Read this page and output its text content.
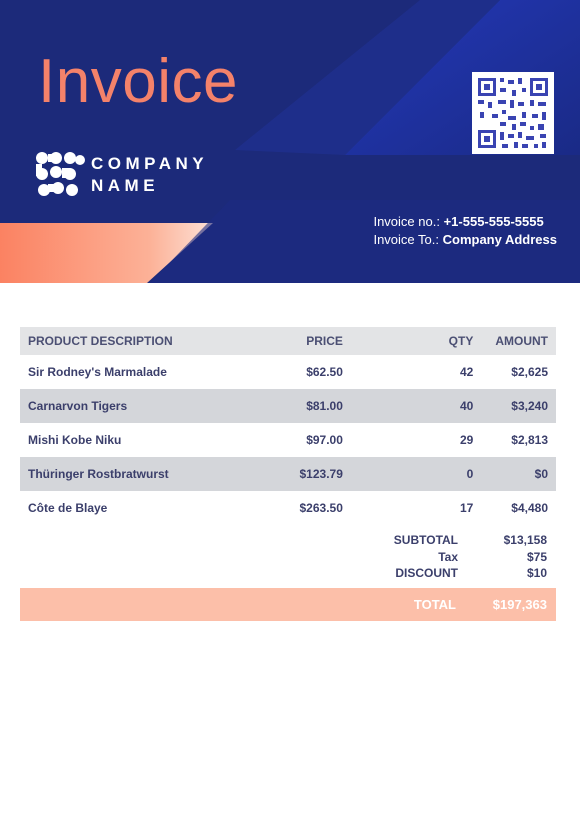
Invoice
COMPANY
NAME
Invoice no.: +1-555-555-5555
Invoice To.: Company Address
PRODUCT DESCRIPTION	PRICE	QTY	AMOUNT
Sir Rodney's Marmalade	$62.50	42	$2,625
Carnarvon Tigers	$81.00	40	$3,240
Mishi Kobe Niku	$97.00	29	$2,813
Thüringer Rostbratwurst	$123.79	0	$0
Côte de Blaye	$263.50	17	$4,480
SUBTOTAL	$13,158
Tax	$75
DISCOUNT	$10
TOTAL	$197,363
